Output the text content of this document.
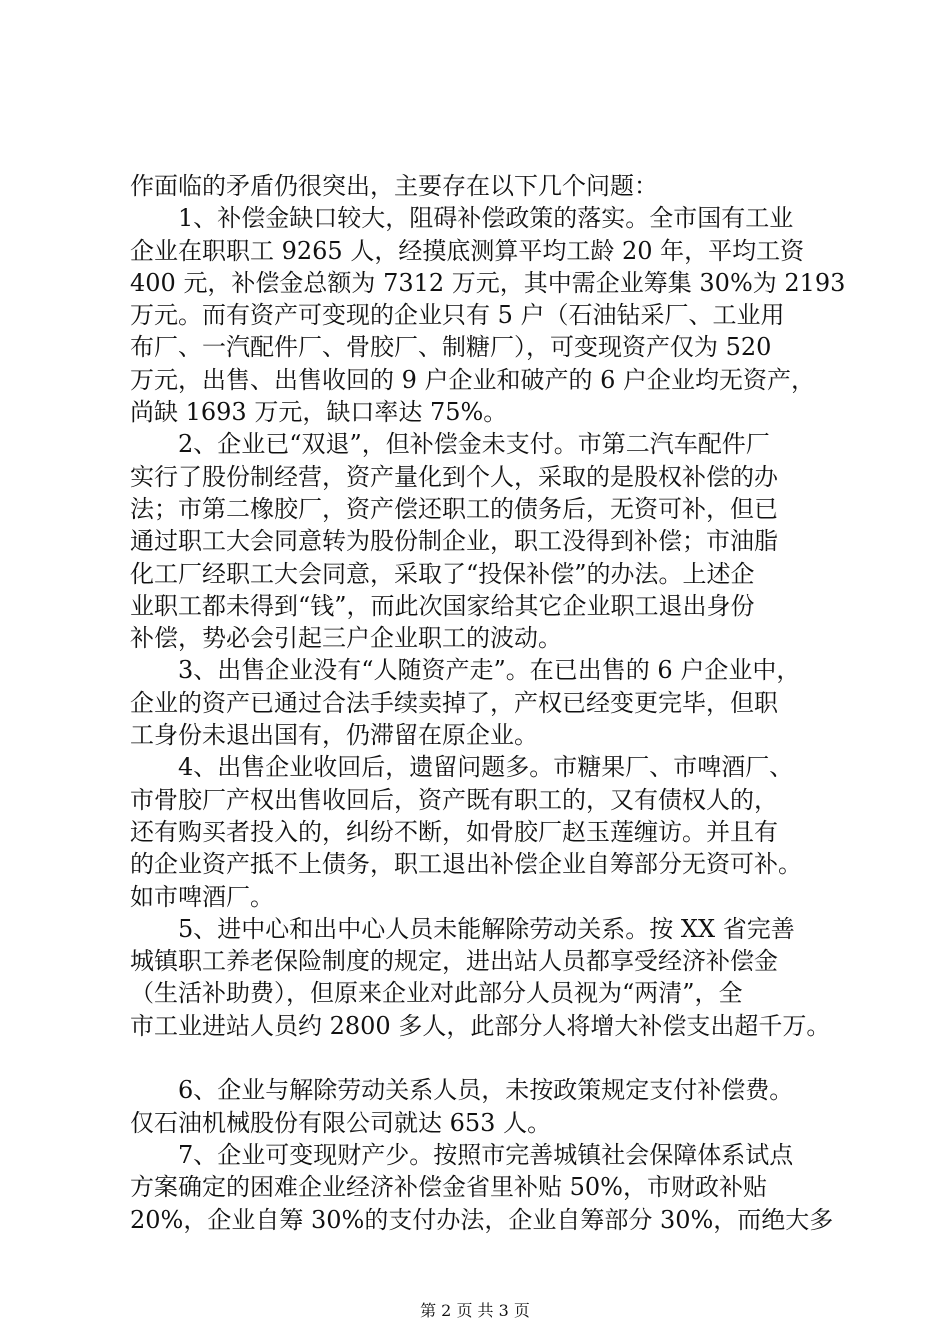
作面临的矛盾仍很突出，主要存在以下几个问题：
　　1、补偿金缺口较大，阻碍补偿政策的落实。全市国有工业
企业在职职工 9265 人，经摸底测算平均工龄 20 年，平均工资
400 元，补偿金总额为 7312 万元，其中需企业筹集 30%为 2193
万元。而有资产可变现的企业只有 5 户（石油钻采厂、工业用
布厂、一汽配件厂、骨胶厂、制糖厂），可变现资产仅为 520
万元，出售、出售收回的 9 户企业和破产的 6 户企业均无资产，
尚缺 1693 万元，缺口率达 75%。
　　2、企业已“双退”，但补偿金未支付。市第二汽车配件厂
实行了股份制经营，资产量化到个人，采取的是股权补偿的办
法；市第二橡胶厂，资产偿还职工的债务后，无资可补，但已
通过职工大会同意转为股份制企业，职工没得到补偿；市油脂
化工厂经职工大会同意，采取了“投保补偿”的办法。上述企
业职工都未得到“钱”，而此次国家给其它企业职工退出身份
补偿，势必会引起三户企业职工的波动。
　　3、出售企业没有“人随资产走”。在已出售的 6 户企业中，
企业的资产已通过合法手续卖掉了，产权已经变更完毕，但职
工身份未退出国有，仍滞留在原企业。
　　4、出售企业收回后，遗留问题多。市糖果厂、市啤酒厂、
市骨胶厂产权出售收回后，资产既有职工的，又有债权人的，
还有购买者投入的，纠纷不断，如骨胶厂赵玉莲缠访。并且有
的企业资产抵不上债务，职工退出补偿企业自筹部分无资可补。
如市啤酒厂。
　　5、进中心和出中心人员未能解除劳动关系。按 XX 省完善
城镇职工养老保险制度的规定，进出站人员都享受经济补偿金
（生活补助费），但原来企业对此部分人员视为“两清”，全
市工业进站人员约 2800 多人，此部分人将增大补偿支出超千万。
　　6、企业与解除劳动关系人员，未按政策规定支付补偿费。
仅石油机械股份有限公司就达 653 人。
　　7、企业可变现财产少。按照市完善城镇社会保障体系试点
方案确定的困难企业经济补偿金省里补贴 50%，市财政补贴
20%，企业自筹 30%的支付办法，企业自筹部分 30%，而绝大多
第 2 页 共 3 页
